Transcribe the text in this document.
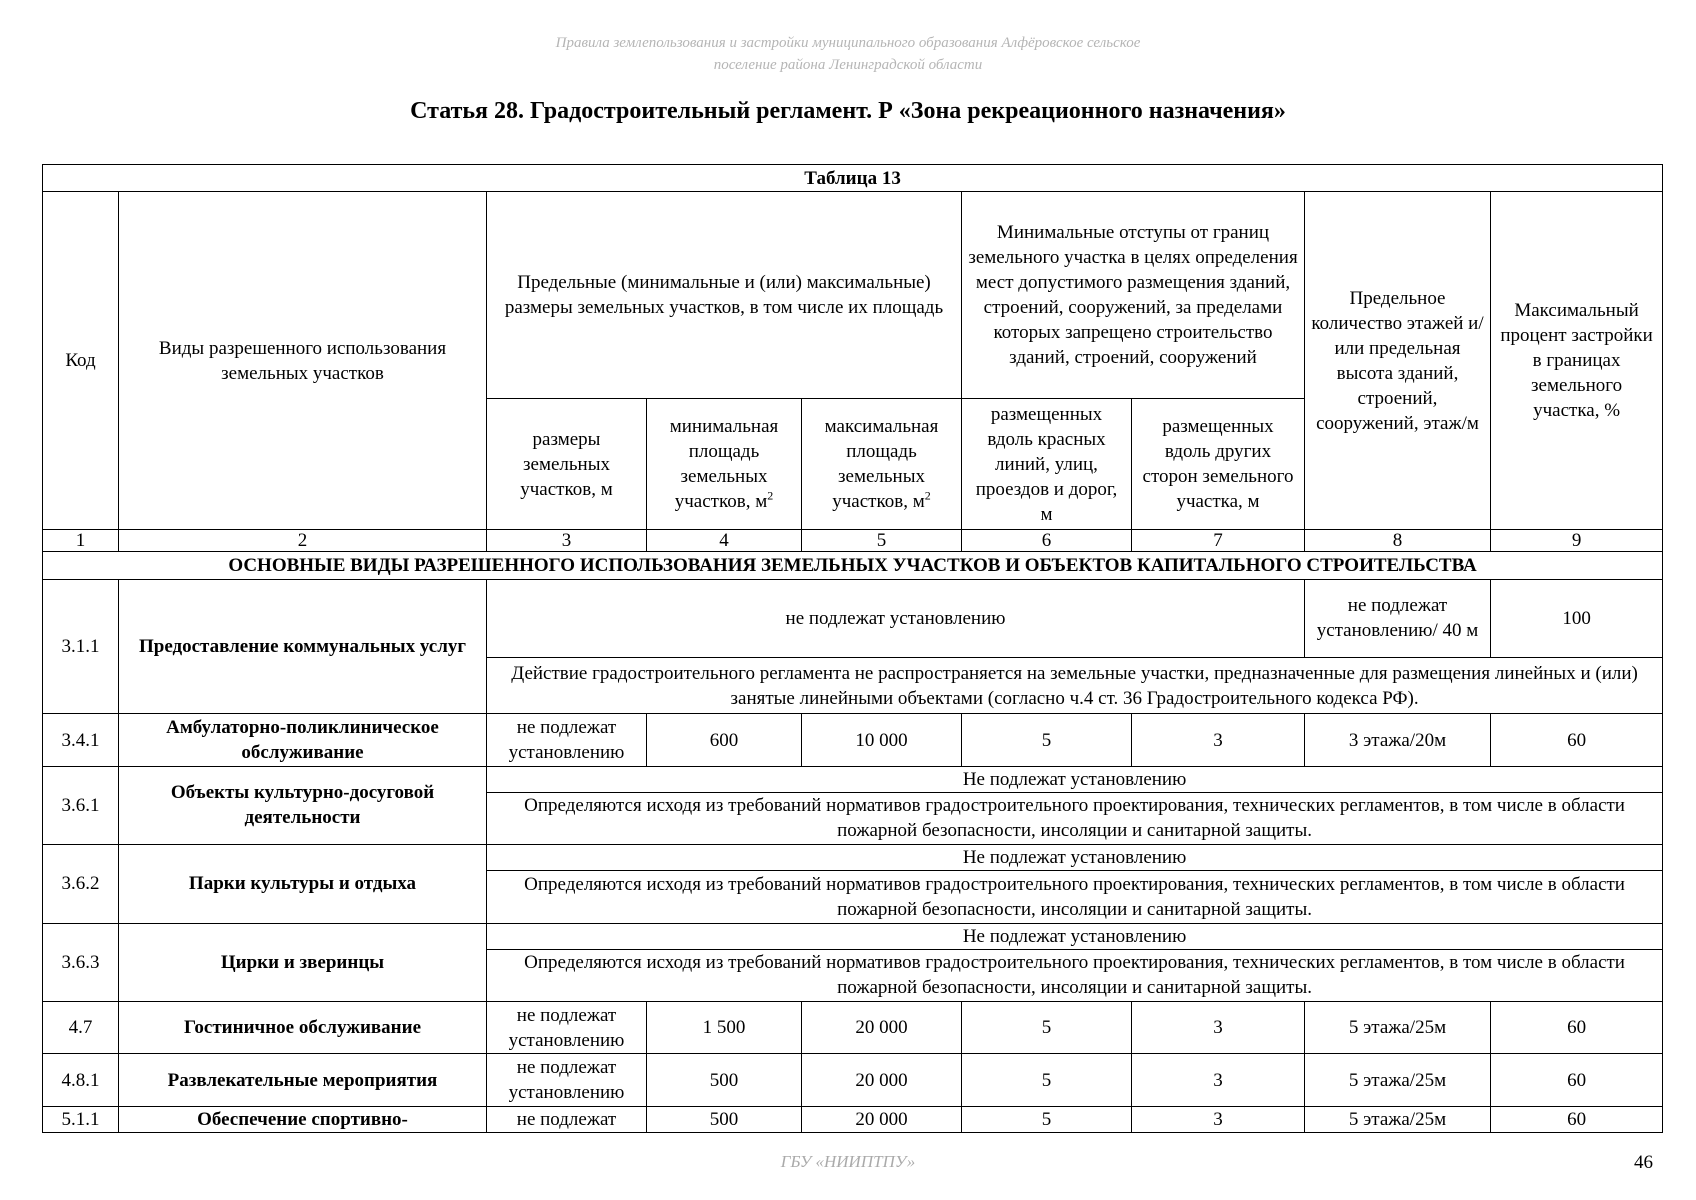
Правила землепользования и застройки муниципального образования Алфёровское сельское
поселение района Ленинградской области
Статья 28. Градостроительный регламент. Р «Зона рекреационного назначения»
Таблица 13								
Код	Виды разрешенного использования земельных участков	Предельные (минимальные и (или) максимальные) размеры земельных участков, в том числе их площадь			Минимальные отступы от границ земельного участка в целях определения мест допустимого размещения зданий, строений, сооружений, за пределами которых запрещено строительство зданий, строений, сооружений		Предельное количество этажей и/или предельная высота зданий, строений, сооружений, этаж/м	Максимальный процент застройки в границах земельного участка, %
		размеры земельных участков, м	минимальная площадь земельных участков, $м^2$	максимальная площадь земельных участков, $м^2$	размещенных вдоль красных линий, улиц, проездов и дорог, м	размещенных вдоль других сторон земельного участка, м		
1	2	3	4	5	6	7	8	9
ОСНОВНЫЕ ВИДЫ РАЗРЕШЕННОГО ИСПОЛЬЗОВАНИЯ ЗЕМЕЛЬНЫХ УЧАСТКОВ И ОБЪЕКТОВ КАПИТАЛЬНОГО СТРОИТЕЛЬСТВА								
3.1.1	Предоставление коммунальных услуг	не подлежат установлению					не подлежат установлению/ 40 м	100
		Действие градостроительного регламента не распространяется на земельные участки, предназначенные для размещения линейных и (или) занятые линейными объектами (согласно ч.4 ст. 36 Градостроительного кодекса РФ).						
3.4.1	Амбулаторно-поликлиническое обслуживание	не подлежат установлению	600	10 000	5	3	3 этажа/20м	60
3.6.1	Объекты культурно-досуговой деятельности	Не подлежат установлению						
		Определяются исходя из требований нормативов градостроительного проектирования, технических регламентов, в том числе в области пожарной безопасности, инсоляции и санитарной защиты.						
3.6.2	Парки культуры и отдыха	Не подлежат установлению						
		Определяются исходя из требований нормативов градостроительного проектирования, технических регламентов, в том числе в области пожарной безопасности, инсоляции и санитарной защиты.						
3.6.3	Цирки и зверинцы	Не подлежат установлению						
		Определяются исходя из требований нормативов градостроительного проектирования, технических регламентов, в том числе в области пожарной безопасности, инсоляции и санитарной защиты.						
4.7	Гостиничное обслуживание	не подлежат установлению	1 500	20 000	5	3	5 этажа/25м	60
4.8.1	Развлекательные мероприятия	не подлежат установлению	500	20 000	5	3	5 этажа/25м	60
5.1.1	Обеспечение спортивно-	не подлежат	500	20 000	5	3	5 этажа/25м	60
ГБУ «НИИПТПУ»	46
